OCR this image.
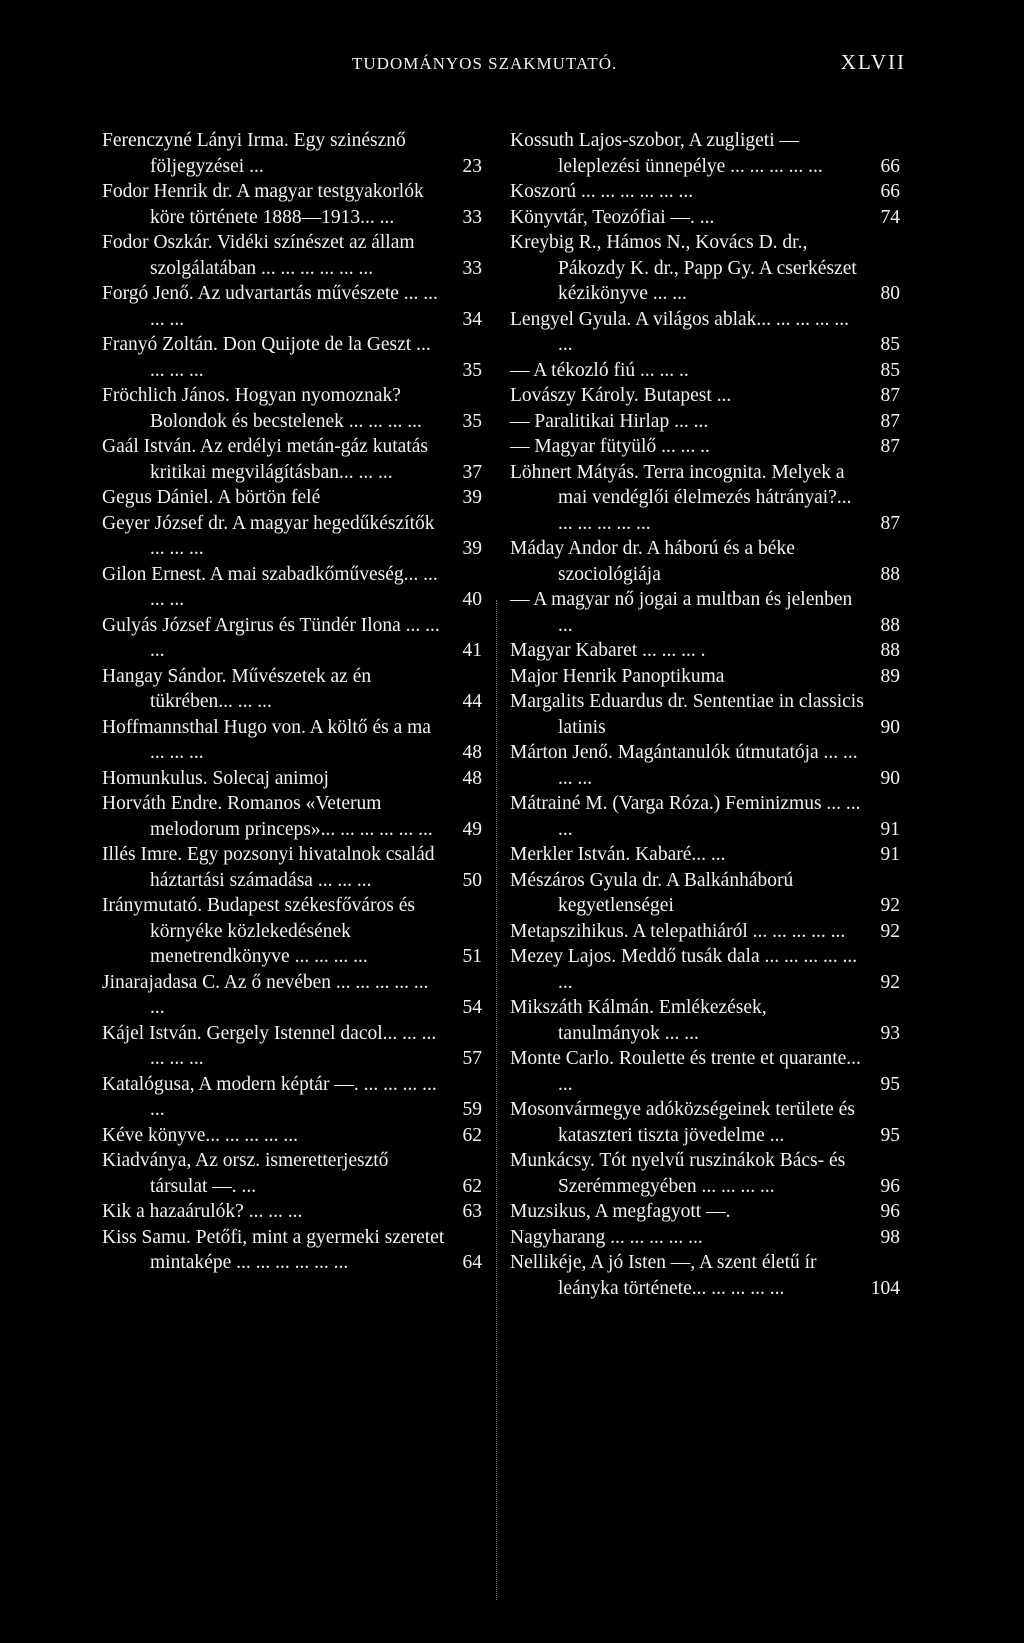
TUDOMÁNYOS SZAKMUTATÓ.	XLVII
Ferenczyné Lányi Irma. Egy szinésznő följegyzései ...	23
Fodor Henrik dr. A magyar testgyakorlók köre története 1888—1913... ...	33
Fodor Oszkár. Vidéki színészet az állam szolgálatában ... ... ... ... ... ...	33
Forgó Jenő. Az udvartartás művészete ... ... ... ...	34
Franyó Zoltán. Don Quijote de la Geszt ... ... ... ...	35
Fröchlich János. Hogyan nyomoznak? Bolondok és becstelenek ... ... ... ...	35
Gaál István. Az erdélyi metán-gáz kutatás kritikai megvilágításban... ... ...	37
Gegus Dániel. A börtön felé	39
Geyer József dr. A magyar hegedűkészítők ... ... ...	39
Gilon Ernest. A mai szabadkőműveség... ... ... ...	40
Gulyás József Argirus és Tündér Ilona ... ... ...	41
Hangay Sándor. Művészetek az én tükrében... ... ...	44
Hoffmannsthal Hugo von. A költő és a ma ... ... ...	48
Homunkulus. Solecaj animoj	48
Horváth Endre. Romanos «Veterum melodorum princeps»... ... ... ... ... ...	49
Illés Imre. Egy pozsonyi hivatalnok család háztartási számadása ... ... ...	50
Iránymutató. Budapest székesfőváros és környéke közlekedésének menetrendkönyve ... ... ... ...	51
Jinarajadasa C. Az ő nevében ... ... ... ... ... ...	54
Kájel István. Gergely Istennel dacol... ... ... ... ... ...	57
Katalógusa, A modern képtár —. ... ... ... ... ...	59
Kéve könyve... ... ... ... ...	62
Kiadványa, Az orsz. ismeretterjesztő társulat —. ...	62
Kik a hazaárulók? ... ... ...	63
Kiss Samu. Petőfi, mint a gyermeki szeretet mintaképe ... ... ... ... ... ...	64
Kossuth Lajos-szobor, A zugligeti — leleplezési ünnepélye ... ... ... ... ...	66
Koszorú ... ... ... ... ... ...	66
Könyvtár, Teozófiai —. ...	74
Kreybig R., Hámos N., Kovács D. dr., Pákozdy K. dr., Papp Gy. A cserkészet kézikönyve ... ...	80
Lengyel Gyula. A világos ablak... ... ... ... ... ...	85
— A tékozló fiú ... ... ..	85
Lovászy Károly. Butapest ...	87
— Paralitikai Hirlap ... ...	87
— Magyar fütyülő ... ... ..	87
Löhnert Mátyás. Terra incognita. Melyek a mai vendéglői élelmezés hátrányai?... ... ... ... ... ...	87
Máday Andor dr. A háború és a béke szociológiája	88
— A magyar nő jogai a multban és jelenben ...	88
Magyar Kabaret ... ... ... .	88
Major Henrik Panoptikuma	89
Margalits Eduardus dr. Sententiae in classicis latinis	90
Márton Jenő. Magántanulók útmutatója ... ... ... ...	90
Mátrainé M. (Varga Róza.) Feminizmus ... ... ...	91
Merkler István. Kabaré... ...	91
Mészáros Gyula dr. A Balkánháború kegyetlenségei	92
Metapszihikus. A telepathiáról ... ... ... ... ...	92
Mezey Lajos. Meddő tusák dala ... ... ... ... ... ...	92
Mikszáth Kálmán. Emlékezések, tanulmányok ... ...	93
Monte Carlo. Roulette és trente et quarante... ...	95
Mosonvármegye adóközségeinek területe és kataszteri tiszta jövedelme ...	95
Munkácsy. Tót nyelvű ruszinákok Bács- és Szerémmegyében ... ... ... ...	96
Muzsikus, A megfagyott —.	96
Nagyharang ... ... ... ... ...	98
Nellikéje, A jó Isten —, A szent életű ír leányka története... ... ... ... ...	104
